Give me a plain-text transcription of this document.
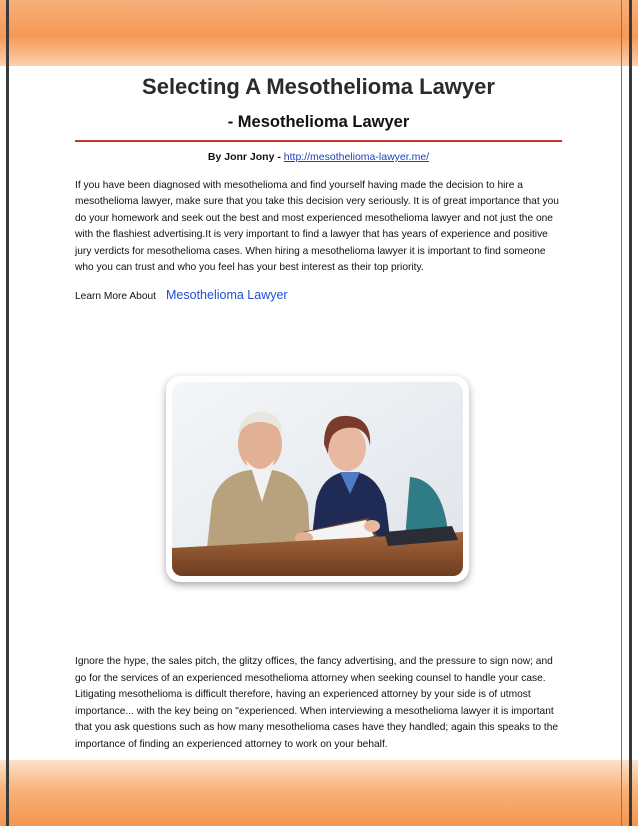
Selecting A Mesothelioma Lawyer
- Mesothelioma Lawyer
By Jonr Jony - http://mesothelioma-lawyer.me/
If you have been diagnosed with mesothelioma and find yourself having made the decision to hire a mesothelioma lawyer, make sure that you take this decision very seriously. It is of great importance that you do your homework and seek out the best and most experienced mesothelioma lawyer and not just the one with the flashiest advertising.It is very important to find a lawyer that has years of experience and positive jury verdicts for mesothelioma cases. When hiring a mesothelioma lawyer it is important to find someone who you can trust and who you feel has your best interest as their top priority.
Learn More About Mesothelioma Lawyer
Ignore the hype, the sales pitch, the glitzy offices, the fancy advertising, and the pressure to sign now; and go for the services of an experienced mesothelioma attorney when seeking counsel to handle your case. Litigating mesothelioma is difficult therefore, having an experienced attorney by your side is of utmost importance... with the key being on "experienced. When interviewing a mesothelioma lawyer it is important that you ask questions such as how many mesothelioma cases have they handled; again this speaks to the importance of finding an experienced attorney to work on your behalf.
